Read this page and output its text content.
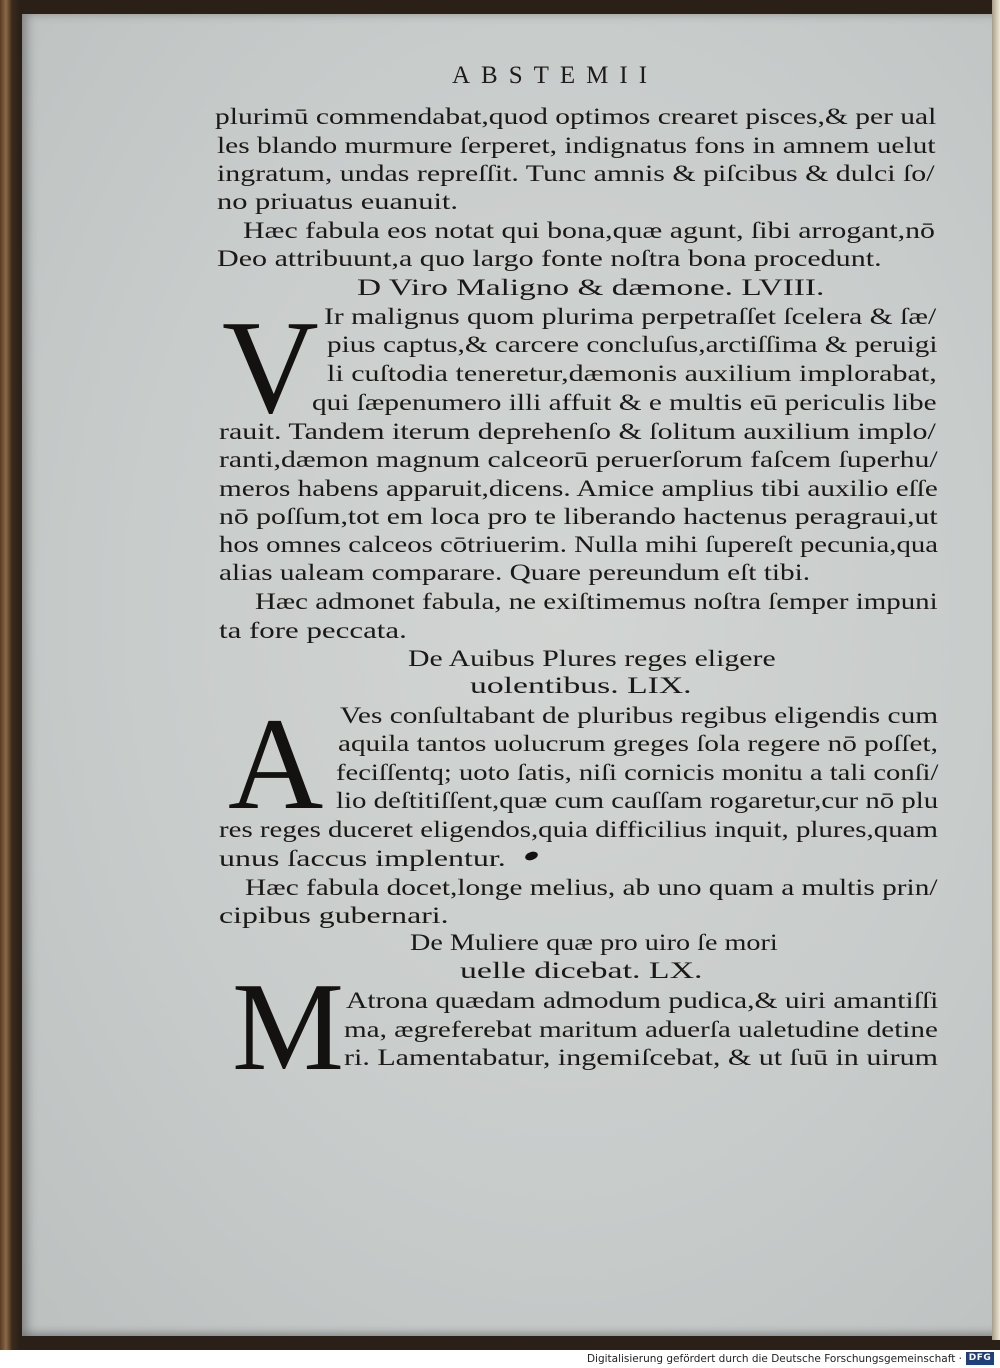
ABSTEMII
plurimū commendabat,quod optimos crearet pisces,& per ual
les blando murmure ſerperet, indignatus fons in amnem uelut
ingratum, undas repreſſit. Tunc amnis & piſcibus & dulci ſo/
no priuatus euanuit.
Hæc fabula eos notat qui bona,quæ agunt, ſibi arrogant,nō
Deo attribuunt,a quo largo fonte noſtra bona procedunt.
D Viro Maligno & dæmone. LVIII.
Ir malignus quom plurima perpetraſſet ſcelera & ſæ/
pius captus,& carcere concluſus,arctiſſima & peruigi
li cuſtodia teneretur,dæmonis auxilium implorabat,
qui ſæpenumero illi affuit & e multis eū periculis libe
rauit. Tandem iterum deprehenſo & ſolitum auxilium implo/
ranti,dæmon magnum calceorū peruerſorum faſcem ſuperhu/
meros habens apparuit,dicens. Amice amplius tibi auxilio eſſe
nō poſſum,tot em loca pro te liberando hactenus peragraui,ut
hos omnes calceos cōtriuerim. Nulla mihi ſupereſt pecunia,qua
alias ualeam comparare. Quare pereundum eſt tibi.
Hæc admonet fabula, ne exiſtimemus noſtra ſemper impuni
ta fore peccata.
De Auibus Plures reges eligere
uolentibus. LIX.
Ves conſultabant de pluribus regibus eligendis cum
aquila tantos uolucrum greges ſola regere nō poſſet,
feciſſentq; uoto ſatis, niſi cornicis monitu a tali conſi/
lio deſtitiſſent,quæ cum cauſſam rogaretur,cur nō plu
res reges duceret eligendos,quia difficilius inquit, plures,quam
unus ſaccus implentur.
Hæc fabula docet,longe melius, ab uno quam a multis prin/
cipibus gubernari.
De Muliere quæ pro uiro ſe mori
uelle dicebat. LX.
Atrona quædam admodum pudica,& uiri amantiſſi
ma, ægreferebat maritum aduerſa ualetudine detine
ri. Lamentabatur, ingemiſcebat, & ut ſuū in uirum
V
A
M
Digitalisierung gefördert durch die Deutsche Forschungsgemeinschaft · DFG
